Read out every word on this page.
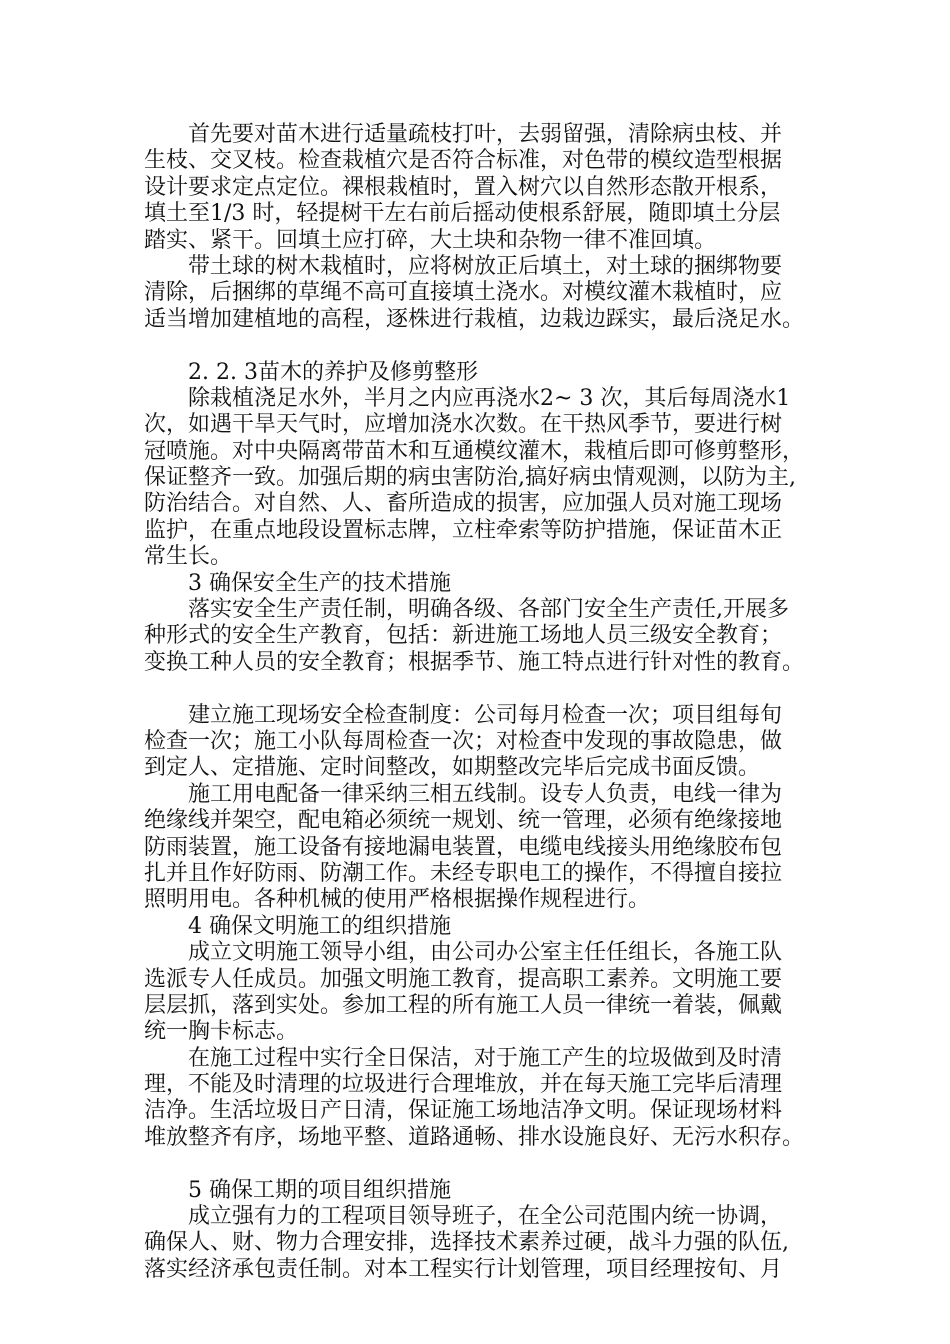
　　首先要对苗木进行适量疏枝打叶，去弱留强，清除病虫枝、并
生枝、交叉枝。检查栽植穴是否符合标准，对色带的模纹造型根据
设计要求定点定位。裸根栽植时，置入树穴以自然形态散开根系，
填土至1/3 时，轻提树干左右前后摇动使根系舒展，随即填土分层
踏实、紧干。回填土应打碎，大土块和杂物一律不准回填。
　　带土球的树木栽植时，应将树放正后填土，对土球的捆绑物要
清除，后捆绑的草绳不高可直接填土浇水。对模纹灌木栽植时，应
适当增加建植地的高程，逐株进行栽植，边栽边踩实，最后浇足水。
　　2. 2. 3苗木的养护及修剪整形
　　除栽植浇足水外，半月之内应再浇水2~ 3 次，其后每周浇水1
次，如遇干旱天气时，应增加浇水次数。在干热风季节，要进行树
冠喷施。对中央隔离带苗木和互通模纹灌木，栽植后即可修剪整形，
保证整齐一致。加强后期的病虫害防治,搞好病虫情观测，以防为主,
防治结合。对自然、人、畜所造成的损害，应加强人员对施工现场
监护，在重点地段设置标志牌，立柱牵索等防护措施，保证苗木正
常生长。
　　3 确保安全生产的技术措施
　　落实安全生产责任制，明确各级、各部门安全生产责任,开展多
种形式的安全生产教育，包括：新进施工场地人员三级安全教育；
变换工种人员的安全教育；根据季节、施工特点进行针对性的教育。
　　建立施工现场安全检查制度：公司每月检查一次；项目组每旬
检查一次；施工小队每周检查一次；对检查中发现的事故隐患，做
到定人、定措施、定时间整改，如期整改完毕后完成书面反馈。
　　施工用电配备一律采纳三相五线制。设专人负责，电线一律为
绝缘线并架空，配电箱必须统一规划、统一管理，必须有绝缘接地
防雨装置，施工设备有接地漏电装置，电缆电线接头用绝缘胶布包
扎并且作好防雨、防潮工作。未经专职电工的操作，不得擅自接拉
照明用电。各种机械的使用严格根据操作规程进行。
　　4 确保文明施工的组织措施
　　成立文明施工领导小组，由公司办公室主任任组长，各施工队
选派专人任成员。加强文明施工教育，提高职工素养。文明施工要
层层抓，落到实处。参加工程的所有施工人员一律统一着装，佩戴
统一胸卡标志。
　　在施工过程中实行全日保洁，对于施工产生的垃圾做到及时清
理，不能及时清理的垃圾进行合理堆放，并在每天施工完毕后清理
洁净。生活垃圾日产日清，保证施工场地洁净文明。保证现场材料
堆放整齐有序，场地平整、道路通畅、排水设施良好、无污水积存。
　　5 确保工期的项目组织措施
　　成立强有力的工程项目领导班子，在全公司范围内统一协调，
确保人、财、物力合理安排，选择技术素养过硬，战斗力强的队伍,
落实经济承包责任制。对本工程实行计划管理，项目经理按旬、月
